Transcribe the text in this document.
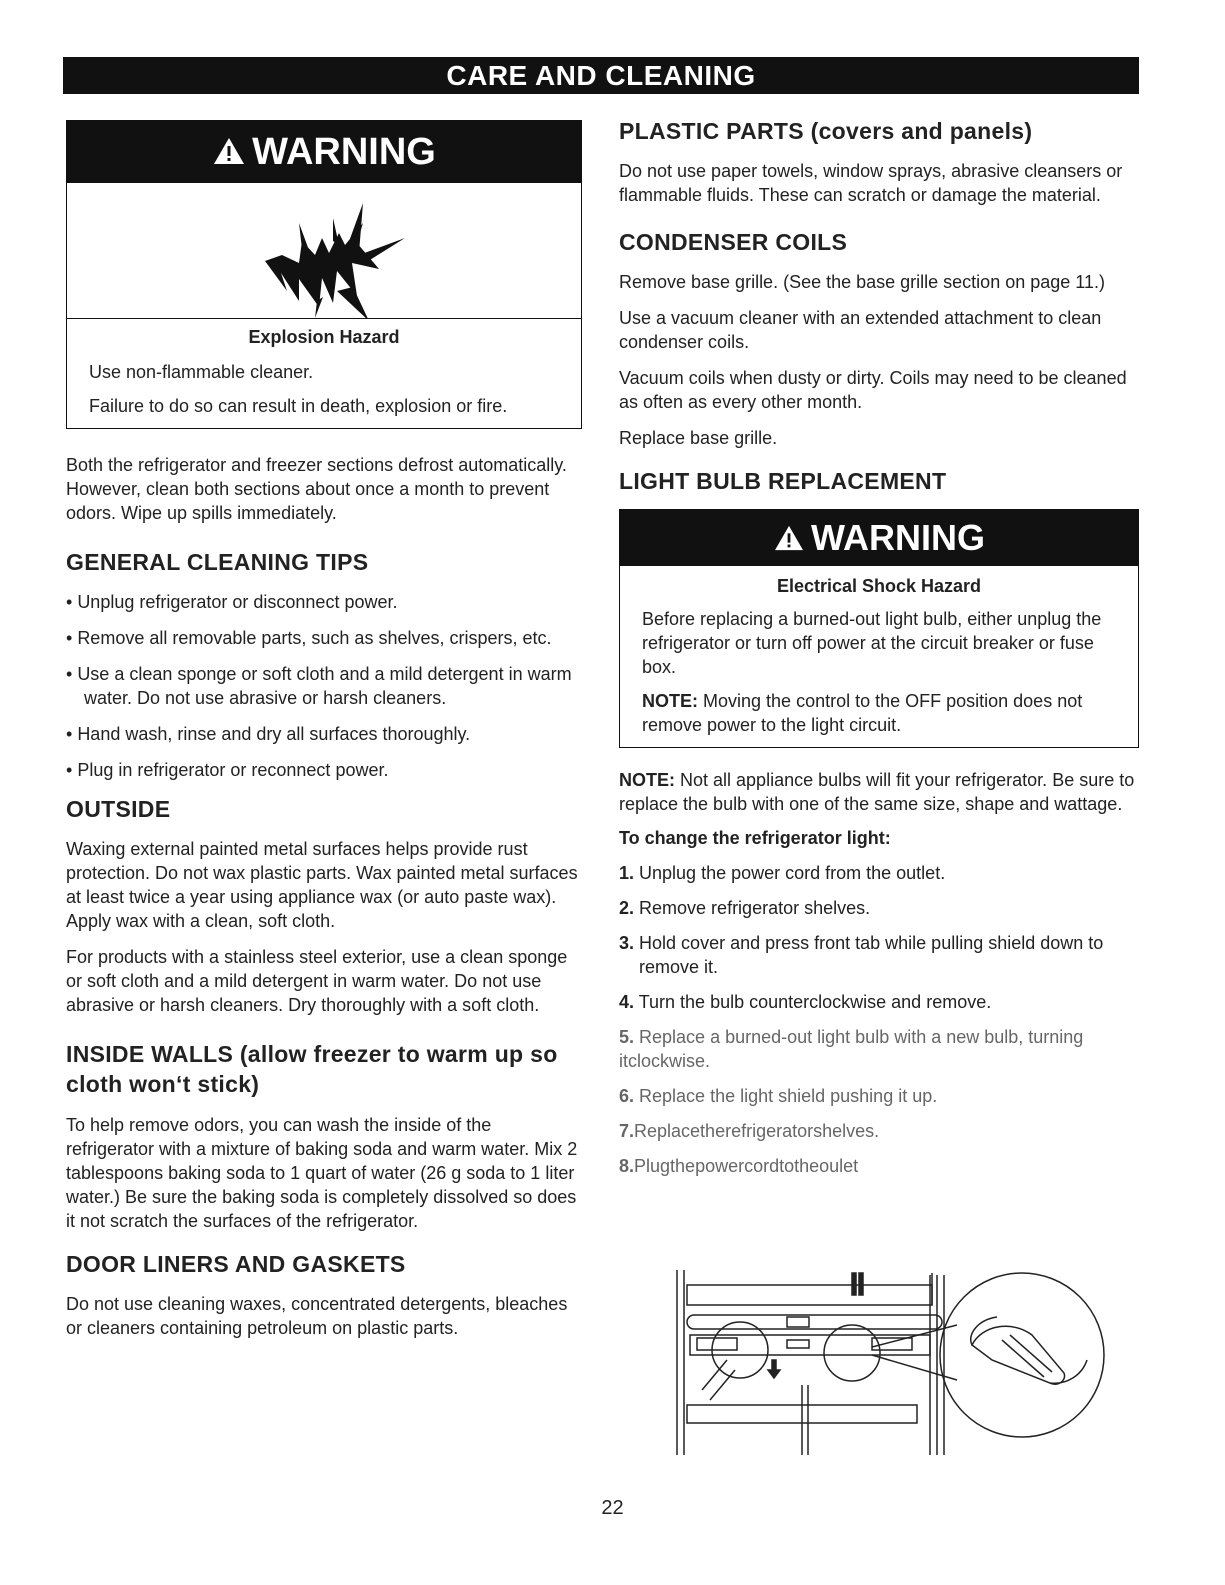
CARE AND CLEANING
WARNING
Explosion Hazard

Use non-flammable cleaner.

Failure to do so can result in death, explosion or fire.

Both the refrigerator and freezer sections defrost automatically. However, clean both sections about once a month to prevent odors. Wipe up spills immediately.

GENERAL CLEANING TIPS
• Unplug refrigerator or disconnect power.
• Remove all removable parts, such as shelves, crispers, etc.
• Use a clean sponge or soft cloth and a mild detergent in warm water. Do not use abrasive or harsh cleaners.
• Hand wash, rinse and dry all surfaces thoroughly.
• Plug in refrigerator or reconnect power.
OUTSIDE

Waxing external painted metal surfaces helps provide rust protection. Do not wax plastic parts. Wax painted metal surfaces at least twice a year using appliance wax (or auto paste wax). Apply wax with a clean, soft cloth.

For products with a stainless steel exterior, use a clean sponge or soft cloth and a mild detergent in warm water. Do not use abrasive or harsh cleaners. Dry thoroughly with a soft cloth.

INSIDE WALLS (allow freezer to warm up so cloth won‘t stick)

To help remove odors, you can wash the inside of the refrigerator with a mixture of baking soda and warm water. Mix 2 tablespoons baking soda to 1 quart of water (26 g soda to 1 liter water.) Be sure the baking soda is completely dissolved so does it not scratch the surfaces of the refrigerator.

DOOR LINERS AND GASKETS

Do not use cleaning waxes, concentrated detergents, bleaches or cleaners containing petroleum on plastic parts.

PLASTIC PARTS (covers and panels)

Do not use paper towels, window sprays, abrasive cleansers or flammable fluids. These can scratch or damage the material.

CONDENSER COILS

Remove base grille. (See the base grille section on page 11.)

Use a vacuum cleaner with an extended attachment to clean condenser coils.

Vacuum coils when dusty or dirty. Coils may need to be cleaned as often as every other month.

Replace base grille.

LIGHT BULB REPLACEMENT
WARNING
Electrical Shock Hazard

Before replacing a burned-out light bulb, either unplug the refrigerator or turn off power at the circuit breaker or fuse box.

NOTE: Moving the control to the OFF position does not remove power to the light circuit.

NOTE: Not all appliance bulbs will fit your refrigerator. Be sure to replace the bulb with one of the same size, shape and wattage.

To change the refrigerator light:
1. Unplug the power cord from the outlet.
2. Remove refrigerator shelves.
3. Hold cover and press front tab while pulling shield down to remove it.
4. Turn the bulb counterclockwise and remove.
5. Replace a burned-out light bulb with a new bulb, turning itclockwise.
6. Replace the light shield pushing it up.
7.Replacetherefrigeratorshelves.
8.Plugthepowercordtotheoulet
22
